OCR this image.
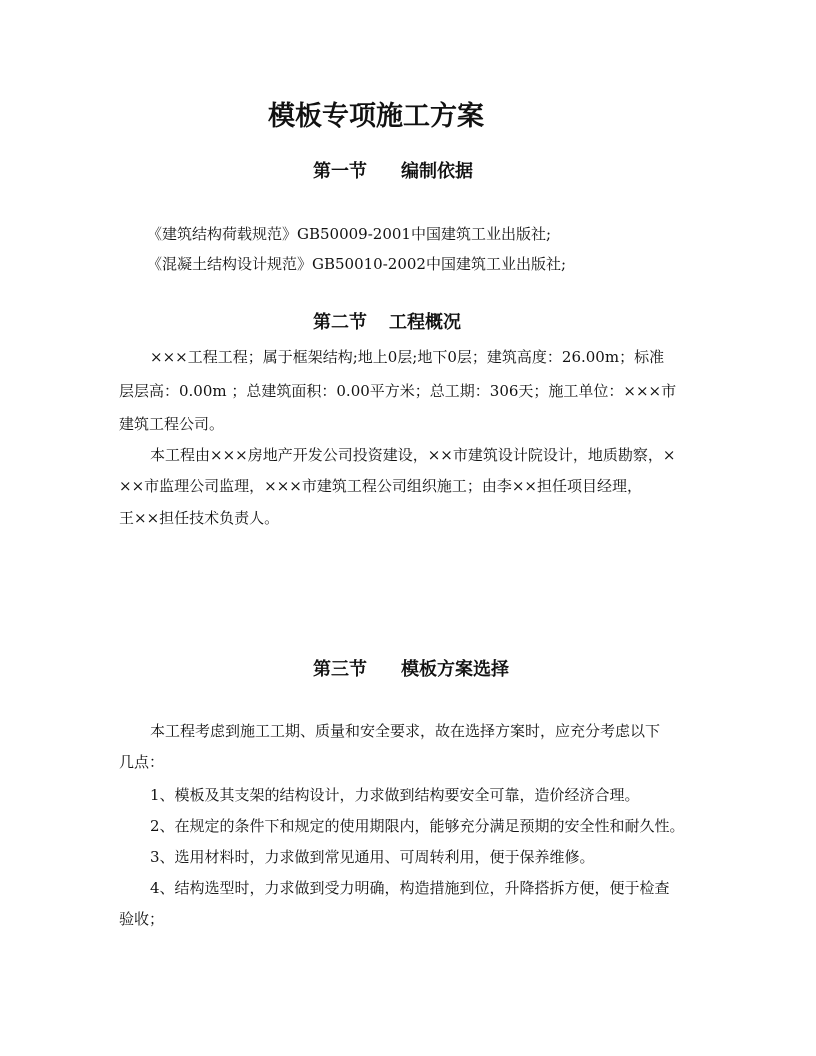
模板专项施工方案
第一节 编制依据
《建筑结构荷载规范》GB50009-2001中国建筑工业出版社;
《混凝土结构设计规范》GB50010-2002中国建筑工业出版社;
第二节 工程概况
×××工程工程；属于框架结构;地上0层;地下0层；建筑高度：26.00m；标准
层层高：0.00m ；总建筑面积：0.00平方米；总工期：306天；施工单位：×××市
建筑工程公司。
本工程由×××房地产开发公司投资建设，××市建筑设计院设计，地质勘察，×
××市监理公司监理，×××市建筑工程公司组织施工；由李××担任项目经理，
王××担任技术负责人。
第三节 模板方案选择
本工程考虑到施工工期、质量和安全要求，故在选择方案时，应充分考虑以下
几点：
1、模板及其支架的结构设计，力求做到结构要安全可靠，造价经济合理。
2、在规定的条件下和规定的使用期限内，能够充分满足预期的安全性和耐久性。
3、选用材料时，力求做到常见通用、可周转利用，便于保养维修。
4、结构选型时，力求做到受力明确，构造措施到位，升降搭拆方便，便于检查
验收；
